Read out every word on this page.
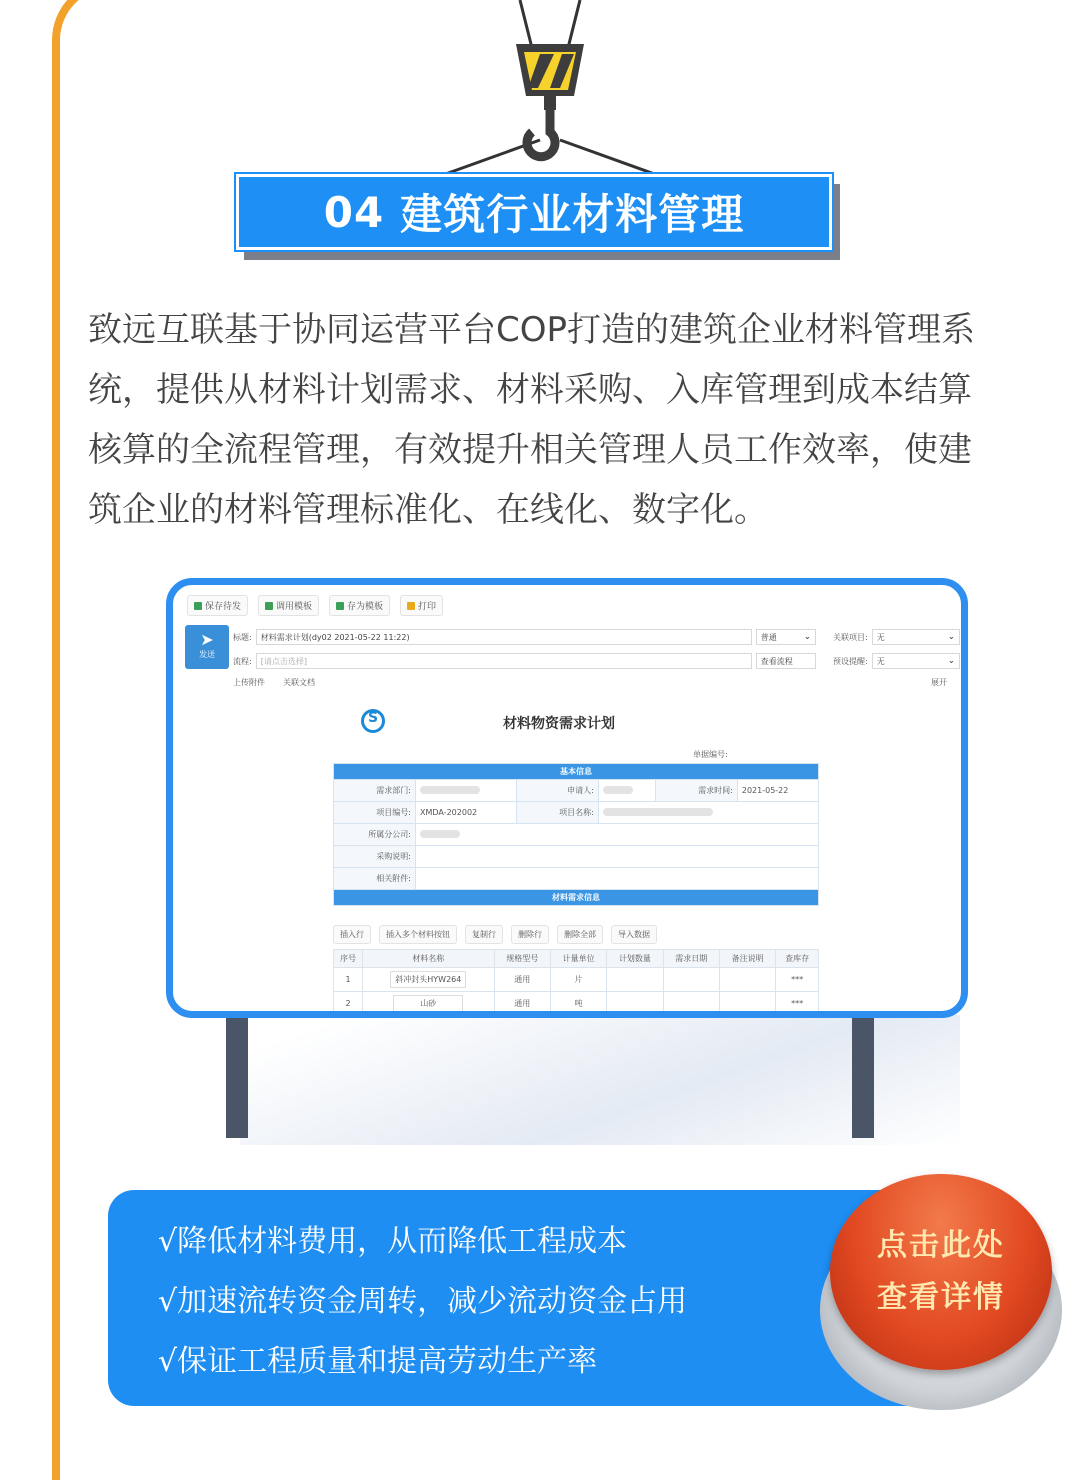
04 建筑行业材料管理
致远互联基于协同运营平台COP打造的建筑企业材料管理系
统，提供从材料计划需求、材料采购、入库管理到成本结算
核算的全流程管理，有效提升相关管理人员工作效率，使建
筑企业的材料管理标准化、在线化、数字化。
保存待发	调用模板	存为模板	打印
➤
发送
标题:	材料需求计划(dy02 2021-05-22 11:22)	普通	⌄
流程:	[请点击选择]	查看流程
关联项目: 无	⌄
预设提醒: 无	⌄
上传附件 关联文档	展开
S
材料物资需求计划
单据编号:
基本信息					
需求部门:		申请人:		需求时间:	2021-05-22
项目编号:	XMDA-202002	项目名称:			
所属分公司:					
采购说明:					
相关附件:					
材料需求信息					
插入行	插入多个材料按钮	复制行	删除行	删除全部	导入数据
序号	材料名称	规格型号	计量单位	计划数量	需求日期	备注说明	查库存
1	斜冲封头HYW264	通用	片				***
2	山砂	通用	吨				***
√降低材料费用，从而降低工程成本
√加速流转资金周转，减少流动资金占用
√保证工程质量和提高劳动生产率
点击此处
查看详情
